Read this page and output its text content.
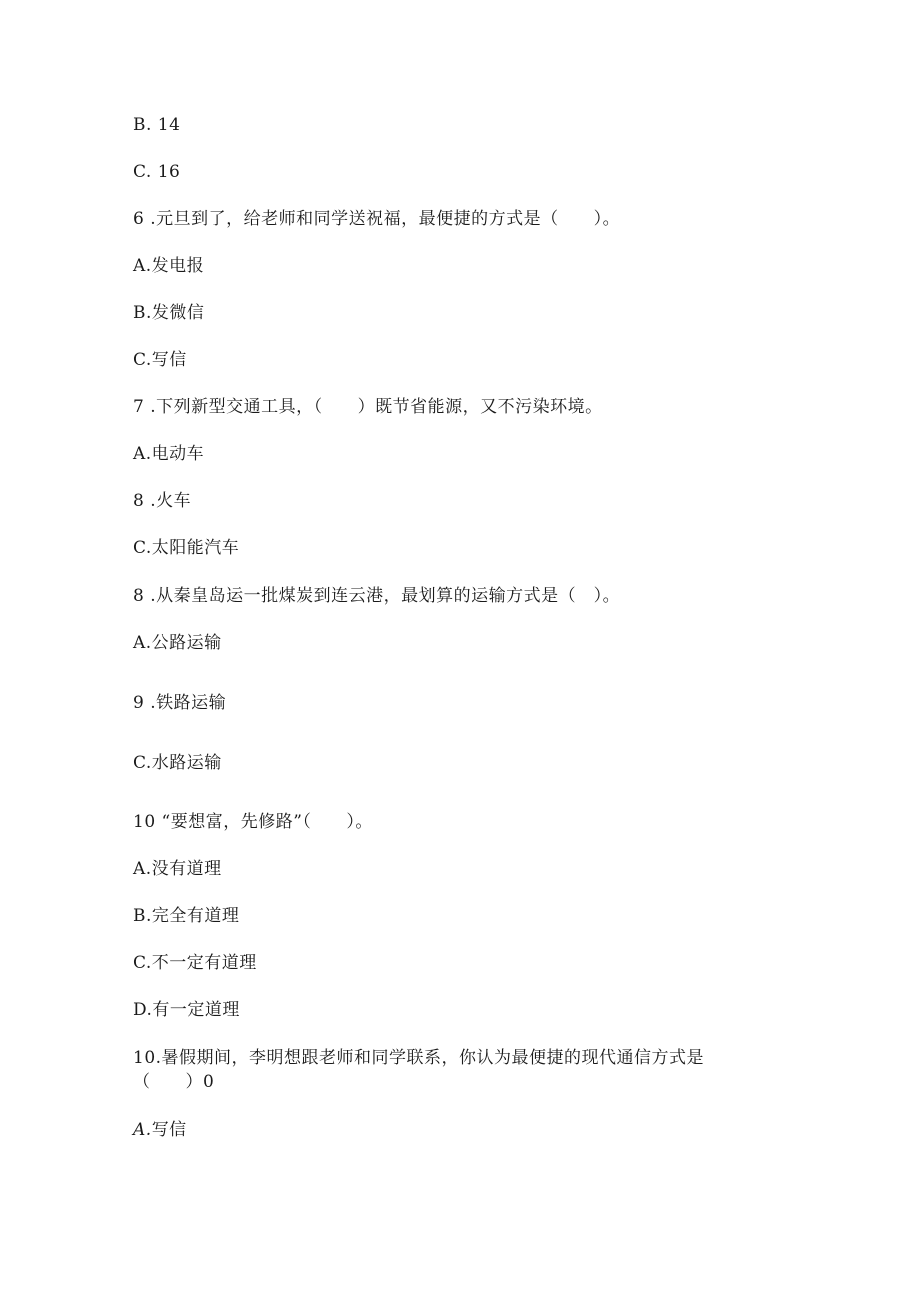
B. 14
C. 16
6 .元旦到了，给老师和同学送祝福，最便捷的方式是（　　）。
A.发电报
B.发微信
C.写信
7 .下列新型交通工具，（　　）既节省能源，又不污染环境。
A.电动车
8 .火车
C.太阳能汽车
8 .从秦皇岛运一批煤炭到连云港，最划算的运输方式是（　）。
A.公路运输
9 .铁路运输
C.水路运输
10 “要想富，先修路”（　　）。
A.没有道理
B.完全有道理
C.不一定有道理
D.有一定道理
10.暑假期间，李明想跟老师和同学联系，你认为最便捷的现代通信方式是
（　　）0
A.写信
